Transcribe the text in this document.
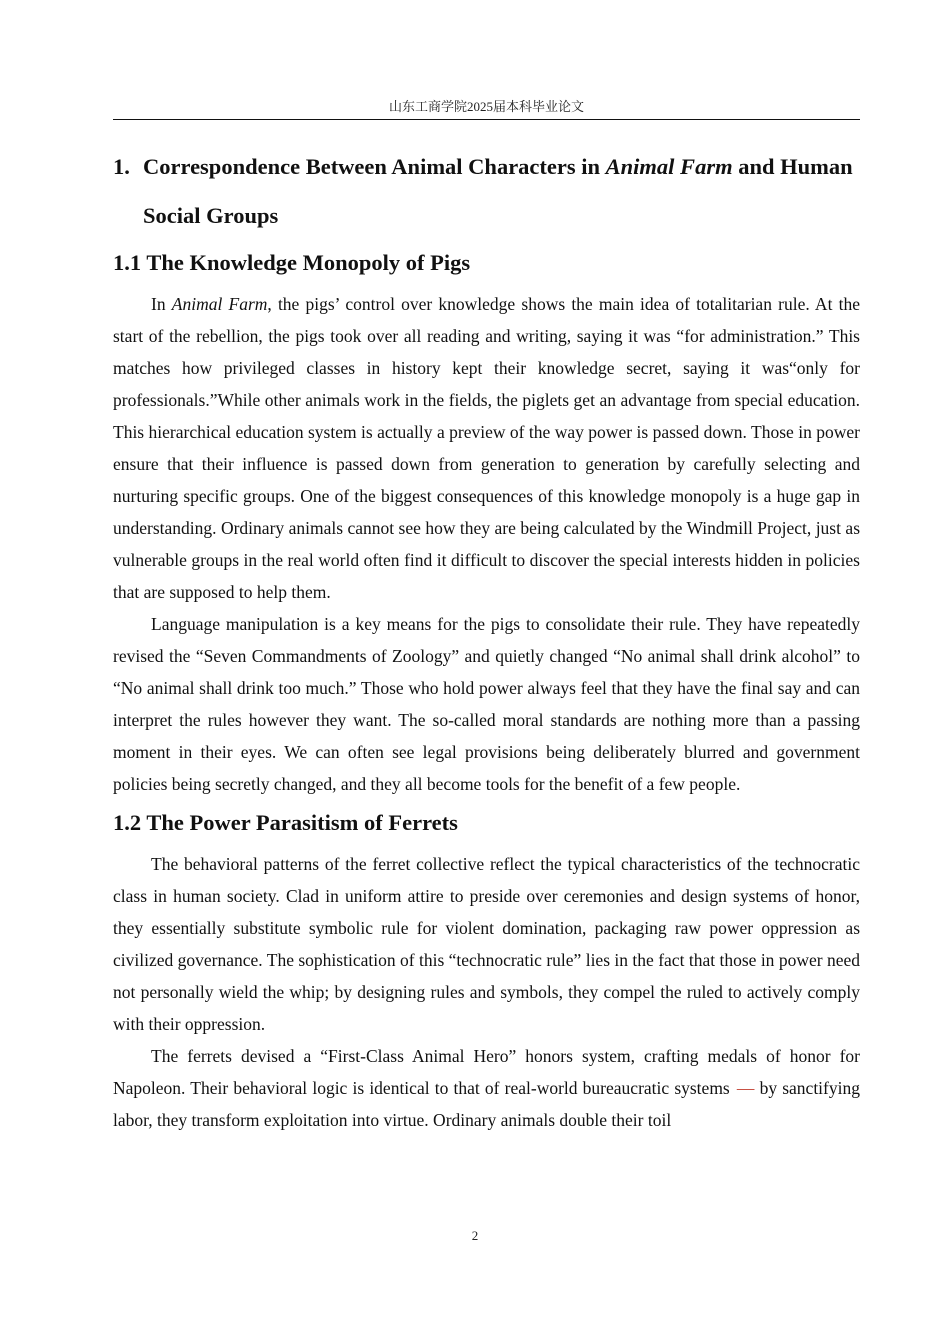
山东工商学院2025届本科毕业论文
1. Correspondence Between Animal Characters in Animal Farm and Human Social Groups
1.1 The Knowledge Monopoly of Pigs

In Animal Farm, the pigs’ control over knowledge shows the main idea of totalitarian rule. At the start of the rebellion, the pigs took over all reading and writing, saying it was “for administration.” This matches how privileged classes in history kept their knowledge secret, saying it was“only for professionals.”While other animals work in the fields, the piglets get an advantage from special education. This hierarchical education system is actually a preview of the way power is passed down. Those in power ensure that their influence is passed down from generation to generation by carefully selecting and nurturing specific groups. One of the biggest consequences of this knowledge monopoly is a huge gap in understanding. Ordinary animals cannot see how they are being calculated by the Windmill Project, just as vulnerable groups in the real world often find it difficult to discover the special interests hidden in policies that are supposed to help them.

Language manipulation is a key means for the pigs to consolidate their rule. They have repeatedly revised the “Seven Commandments of Zoology” and quietly changed “No animal shall drink alcohol” to “No animal shall drink too much.” Those who hold power always feel that they have the final say and can interpret the rules however they want. The so-called moral standards are nothing more than a passing moment in their eyes. We can often see legal provisions being deliberately blurred and government policies being secretly changed, and they all become tools for the benefit of a few people.

1.2 The Power Parasitism of Ferrets

The behavioral patterns of the ferret collective reflect the typical characteristics of the technocratic class in human society. Clad in uniform attire to preside over ceremonies and design systems of honor, they essentially substitute symbolic rule for violent domination, packaging raw power oppression as civilized governance. The sophistication of this “technocratic rule” lies in the fact that those in power need not personally wield the whip; by designing rules and symbols, they compel the ruled to actively comply with their oppression.

The ferrets devised a “First-Class Animal Hero” honors system, crafting medals of honor for Napoleon. Their behavioral logic is identical to that of real-world bureaucratic systems — by sanctifying labor, they transform exploitation into virtue. Ordinary animals double their toil

2
